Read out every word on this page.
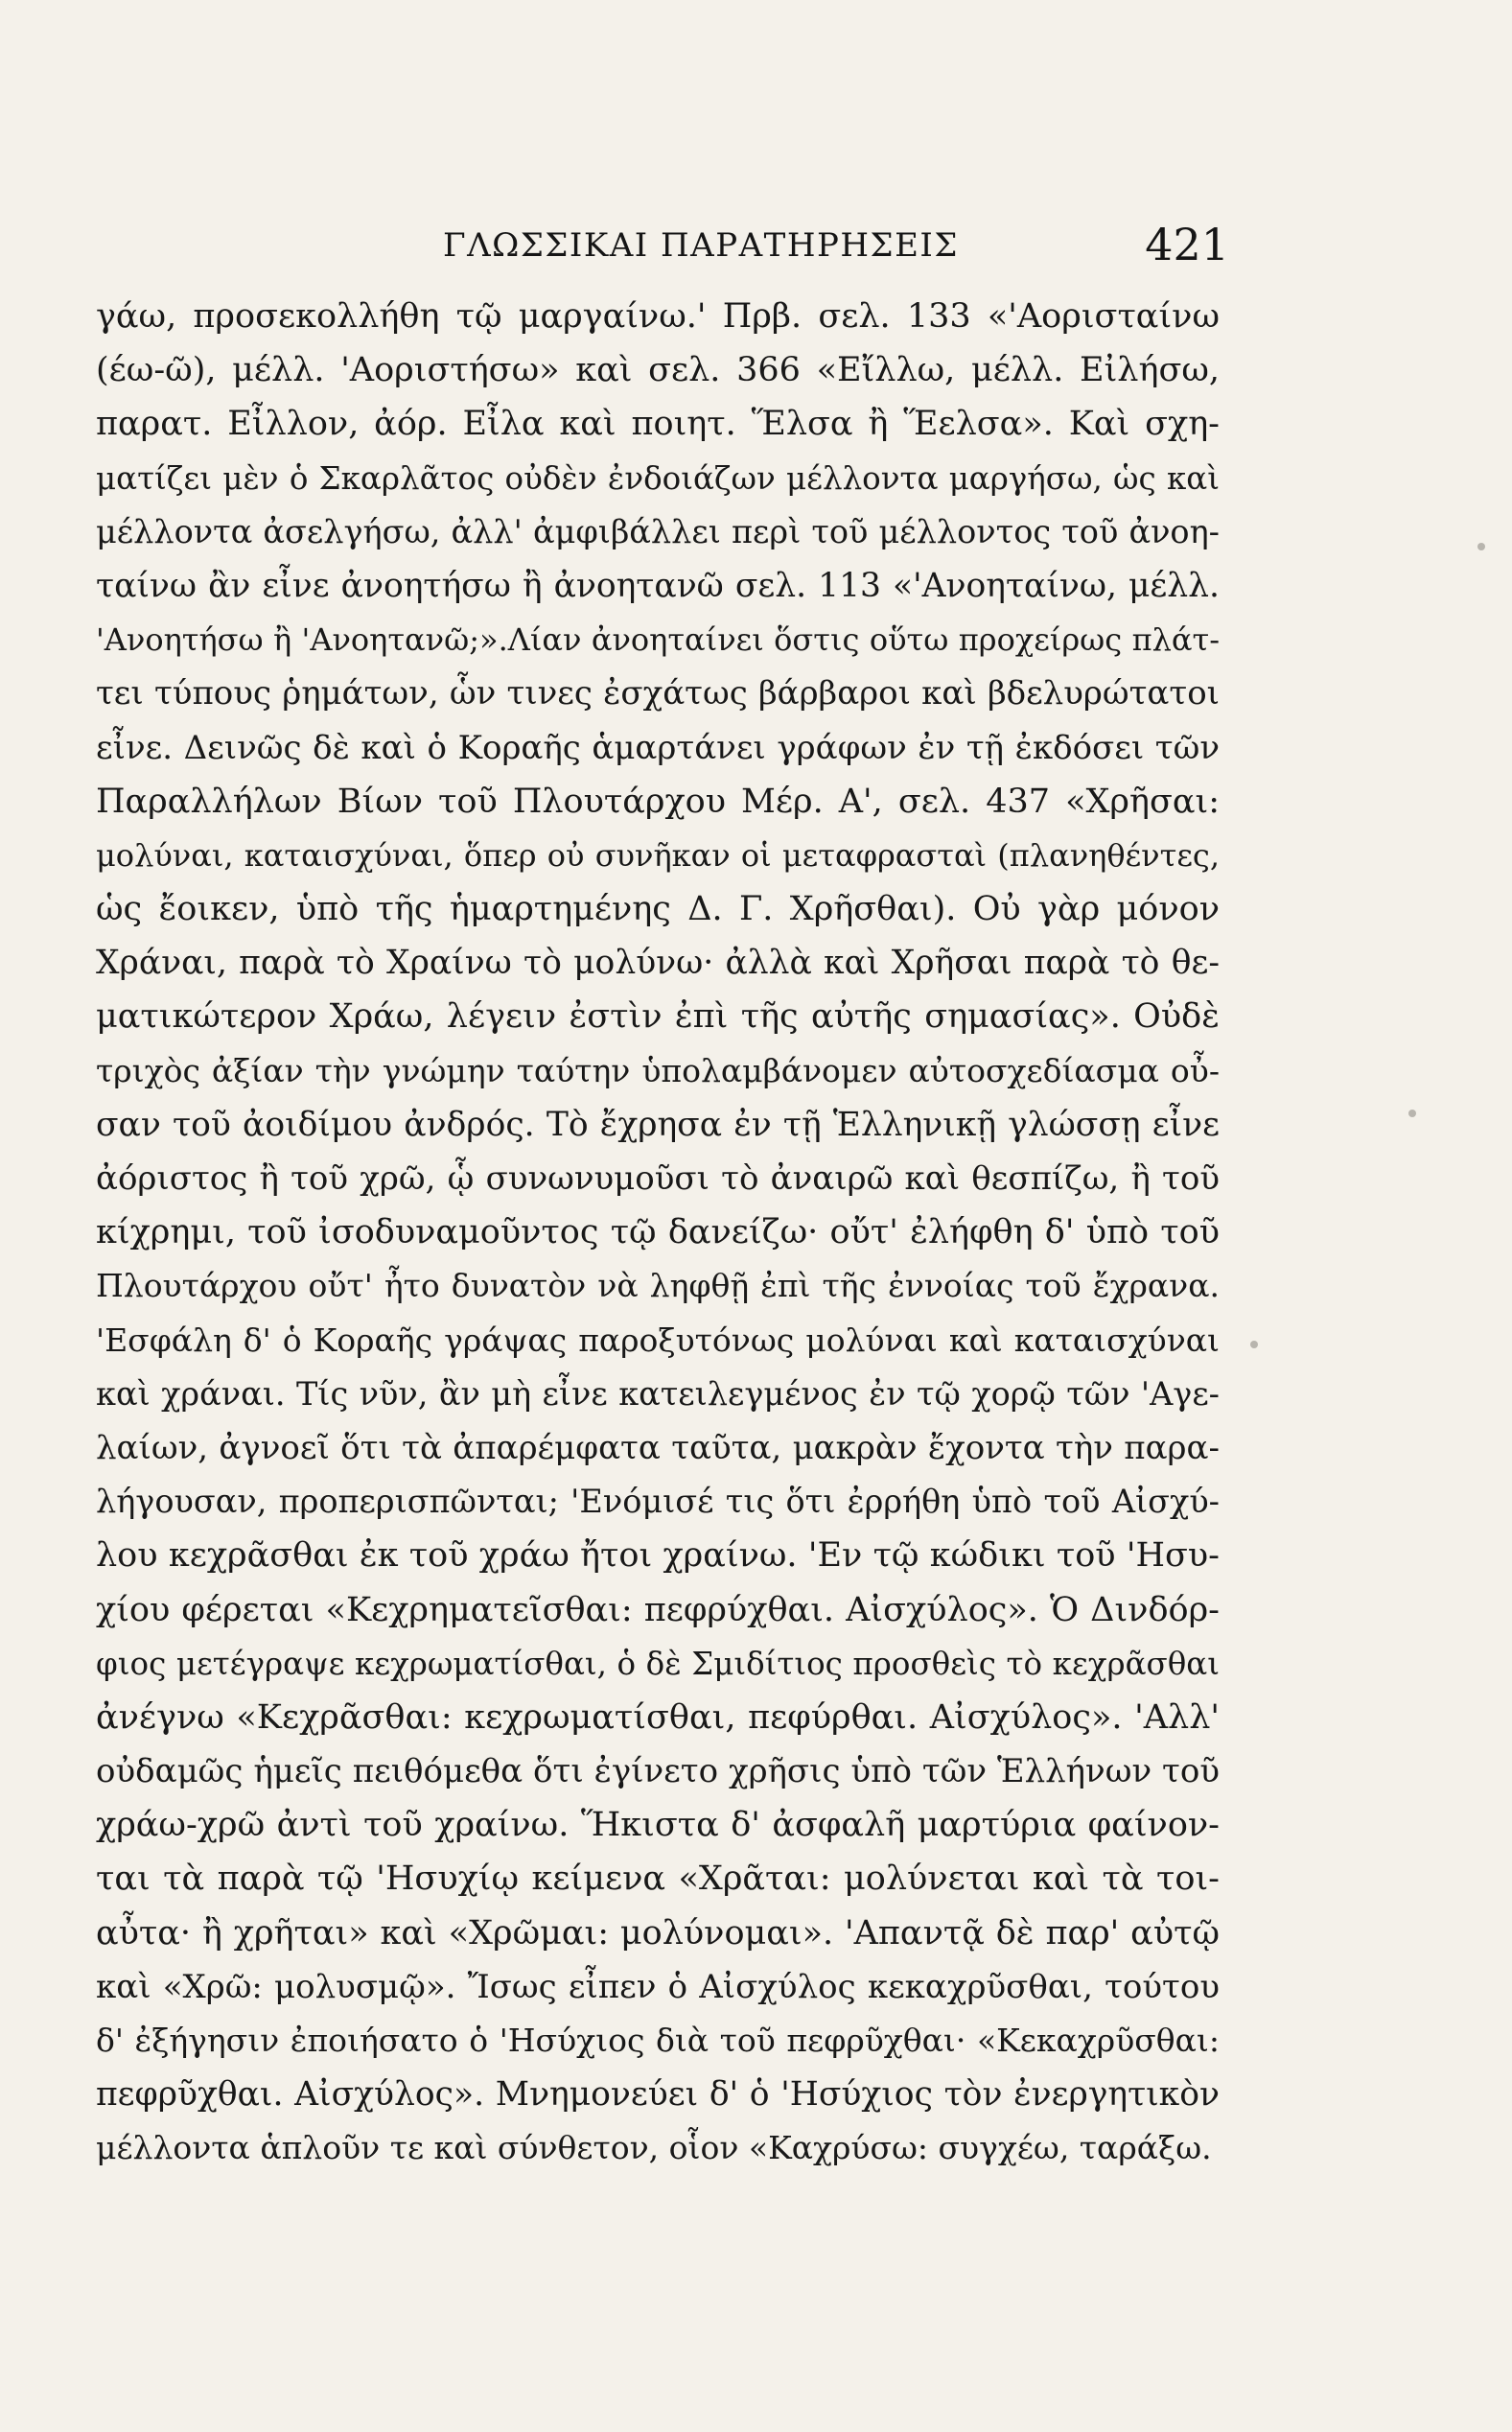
ΓΛΩΣΣΙΚΑΙ ΠΑΡΑΤΗΡΗΣΕΙΣ	421
γάω, προσεκολλήθη τῷ μαργαίνω.' Πρβ. σελ. 133 «'Αορισταίνω
(έω-ῶ), μέλλ. 'Αοριστήσω» καὶ σελ. 366 «Εἴλλω, μέλλ. Εἰλήσω,
παρατ. Εἶλλον, ἀόρ. Εἶλα καὶ ποιητ. Ἕλσα ἢ Ἕελσα». Καὶ σχη-
ματίζει μὲν ὁ Σκαρλᾶτος οὐδὲν ἐνδοιάζων μέλλοντα μαργήσω, ὡς καὶ
μέλλοντα ἀσελγήσω, ἀλλ' ἀμφιβάλλει περὶ τοῦ μέλλοντος τοῦ ἀνοη-
ταίνω ἂν εἶνε ἀνοητήσω ἢ ἀνοητανῶ σελ. 113 «'Ανοηταίνω, μέλλ.
'Ανοητήσω ἢ 'Ανοητανῶ;».Λίαν ἀνοηταίνει ὅστις οὕτω προχείρως πλάτ-
τει τύπους ῥημάτων, ὧν τινες ἐσχάτως βάρβαροι καὶ βδελυρώτατοι
εἶνε. Δεινῶς δὲ καὶ ὁ Κοραῆς ἁμαρτάνει γράφων ἐν τῇ ἐκδόσει τῶν
Παραλλήλων Βίων τοῦ Πλουτάρχου Μέρ. Α', σελ. 437 «Χρῆσαι:
μολύναι, καταισχύναι, ὅπερ οὐ συνῆκαν οἱ μεταφρασταὶ (πλανηθέντες,
ὡς ἔοικεν, ὑπὸ τῆς ἡμαρτημένης Δ. Γ. Χρῆσθαι). Οὐ γὰρ μόνον
Χράναι, παρὰ τὸ Χραίνω τὸ μολύνω· ἀλλὰ καὶ Χρῆσαι παρὰ τὸ θε-
ματικώτερον Χράω, λέγειν ἐστὶν ἐπὶ τῆς αὐτῆς σημασίας». Οὐδὲ
τριχὸς ἀξίαν τὴν γνώμην ταύτην ὑπολαμβάνομεν αὐτοσχεδίασμα οὖ-
σαν τοῦ ἀοιδίμου ἀνδρός. Τὸ ἔχρησα ἐν τῇ Ἑλληνικῇ γλώσσῃ εἶνε
ἀόριστος ἢ τοῦ χρῶ, ᾧ συνωνυμοῦσι τὸ ἀναιρῶ καὶ θεσπίζω, ἢ τοῦ
κίχρημι, τοῦ ἰσοδυναμοῦντος τῷ δανείζω· οὔτ' ἐλήφθη δ' ὑπὸ τοῦ
Πλουτάρχου οὔτ' ἦτο δυνατὸν νὰ ληφθῇ ἐπὶ τῆς ἐννοίας τοῦ ἔχρανα.
'Εσφάλη δ' ὁ Κοραῆς γράψας παροξυτόνως μολύναι καὶ καταισχύναι
καὶ χράναι. Τίς νῦν, ἂν μὴ εἶνε κατειλεγμένος ἐν τῷ χορῷ τῶν 'Αγε-
λαίων, ἀγνοεῖ ὅτι τὰ ἀπαρέμφατα ταῦτα, μακρὰν ἔχοντα τὴν παρα-
λήγουσαν, προπερισπῶνται; 'Ενόμισέ τις ὅτι ἐρρήθη ὑπὸ τοῦ Αἰσχύ-
λου κεχρᾶσθαι ἐκ τοῦ χράω ἤτοι χραίνω. 'Εν τῷ κώδικι τοῦ 'Ησυ-
χίου φέρεται «Κεχρηματεῖσθαι: πεφρύχθαι. Αἰσχύλος». Ὁ Δινδόρ-
φιος μετέγραψε κεχρωματίσθαι, ὁ δὲ Σμιδίτιος προσθεὶς τὸ κεχρᾶσθαι
ἀνέγνω «Κεχρᾶσθαι: κεχρωματίσθαι, πεφύρθαι. Αἰσχύλος». 'Αλλ'
οὐδαμῶς ἡμεῖς πειθόμεθα ὅτι ἐγίνετο χρῆσις ὑπὸ τῶν Ἑλλήνων τοῦ
χράω-χρῶ ἀντὶ τοῦ χραίνω. Ἥκιστα δ' ἀσφαλῆ μαρτύρια φαίνον-
ται τὰ παρὰ τῷ 'Ησυχίῳ κείμενα «Χρᾶται: μολύνεται καὶ τὰ τοι-
αὖτα· ἢ χρῆται» καὶ «Χρῶμαι: μολύνομαι». 'Απαντᾷ δὲ παρ' αὐτῷ
καὶ «Χρῶ: μολυσμῷ». Ἴσως εἶπεν ὁ Αἰσχύλος κεκαχρῦσθαι, τούτου
δ' ἐξήγησιν ἐποιήσατο ὁ 'Ησύχιος διὰ τοῦ πεφρῦχθαι· «Κεκαχρῦσθαι:
πεφρῦχθαι. Αἰσχύλος». Μνημονεύει δ' ὁ 'Ησύχιος τὸν ἐνεργητικὸν
μέλλοντα ἁπλοῦν τε καὶ σύνθετον, οἷον «Καχρύσω: συγχέω, ταράξω.
